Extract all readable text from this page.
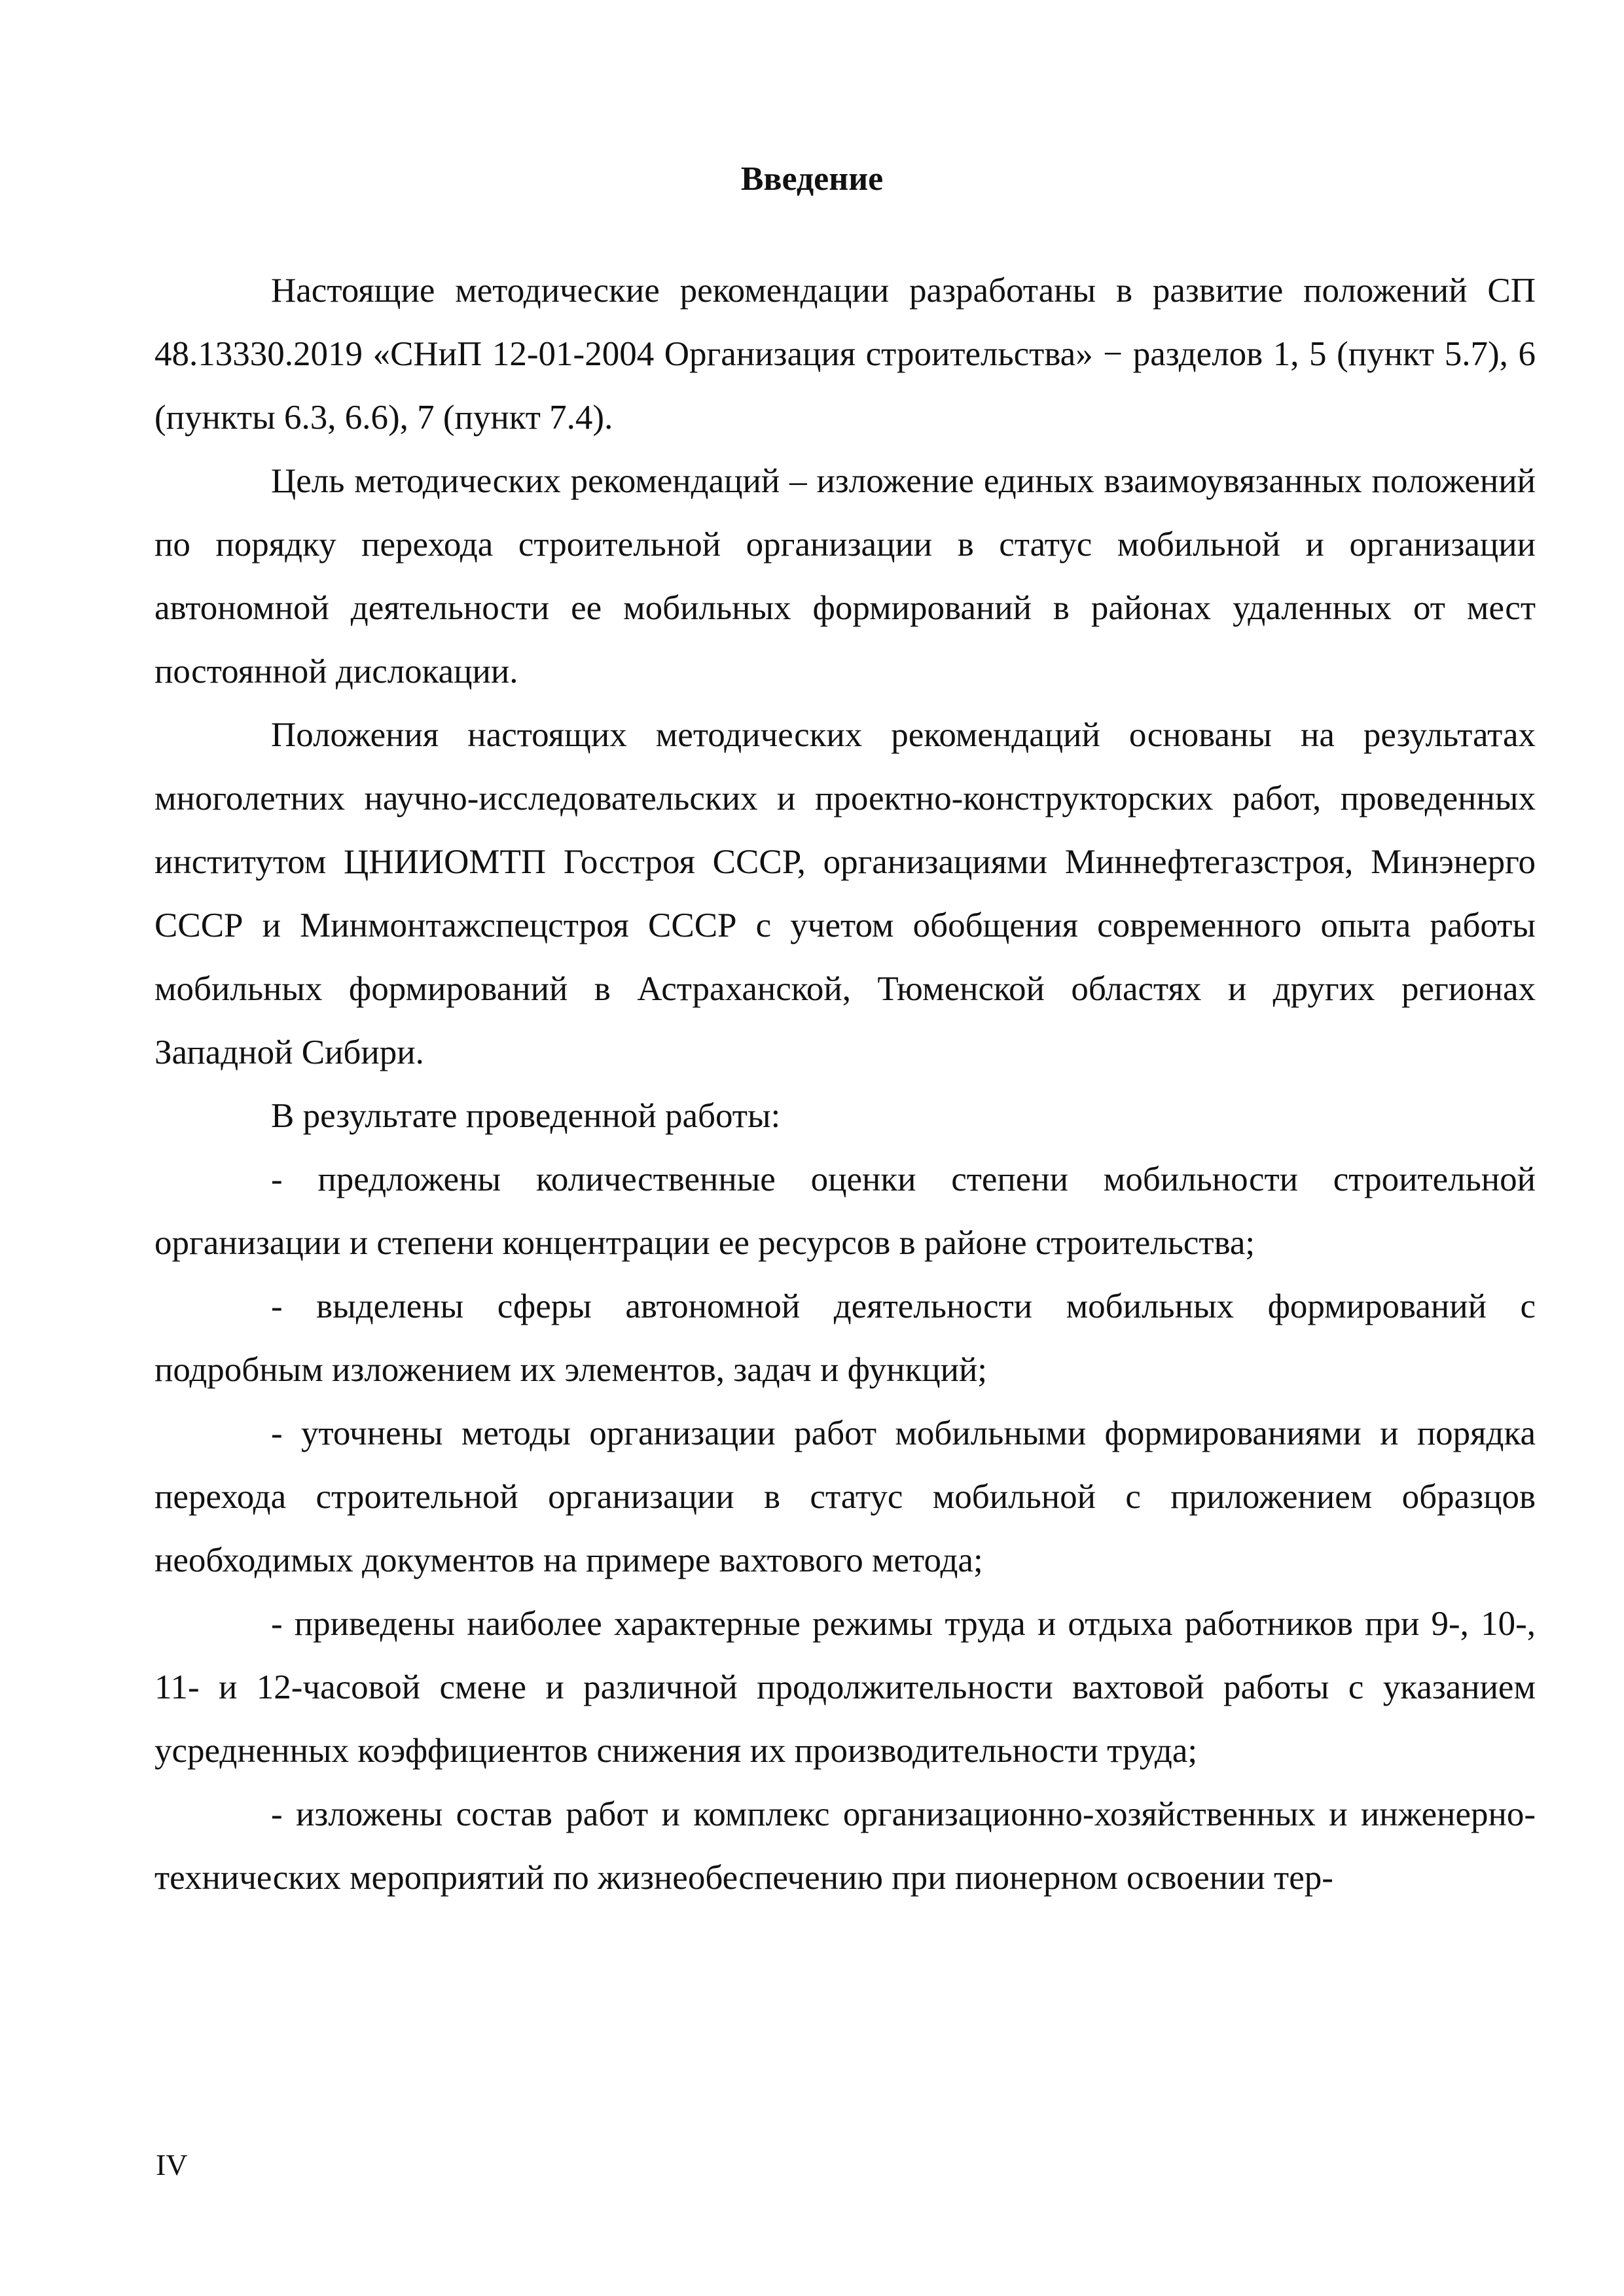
Введение

Настоящие методические рекомендации разработаны в развитие положений СП 48.13330.2019 «СНиП 12-01-2004 Организация строительства» − разделов 1, 5 (пункт 5.7), 6 (пункты 6.3, 6.6), 7 (пункт 7.4).

Цель методических рекомендаций – изложение единых взаимоувязанных положений по порядку перехода строительной организации в статус мобильной и организации автономной деятельности ее мобильных формирований в районах удаленных от мест постоянной дислокации.

Положения настоящих методических рекомендаций основаны на результатах многолетних научно-исследовательских и проектно-конструкторских работ, проведенных институтом ЦНИИОМТП Госстроя СССР, организациями Миннефтегазстроя, Минэнерго СССР и Минмонтажспецстроя СССР с учетом обобщения современного опыта работы мобильных формирований в Астраханской, Тюменской областях и других регионах Западной Сибири.

В результате проведенной работы:

- предложены количественные оценки степени мобильности строительной организации и степени концентрации ее ресурсов в районе строительства;

- выделены сферы автономной деятельности мобильных формирований с подробным изложением их элементов, задач и функций;

- уточнены методы организации работ мобильными формированиями и порядка перехода строительной организации в статус мобильной с приложением образцов необходимых документов на примере вахтового метода;

- приведены наиболее характерные режимы труда и отдыха работников при 9-, 10-, 11- и 12-часовой смене и различной продолжительности вахтовой работы с указанием усредненных коэффициентов снижения их производительности труда;

- изложены состав работ и комплекс организационно-хозяйственных и инженерно-технических мероприятий по жизнеобеспечению при пионерном освоении тер-

IV
